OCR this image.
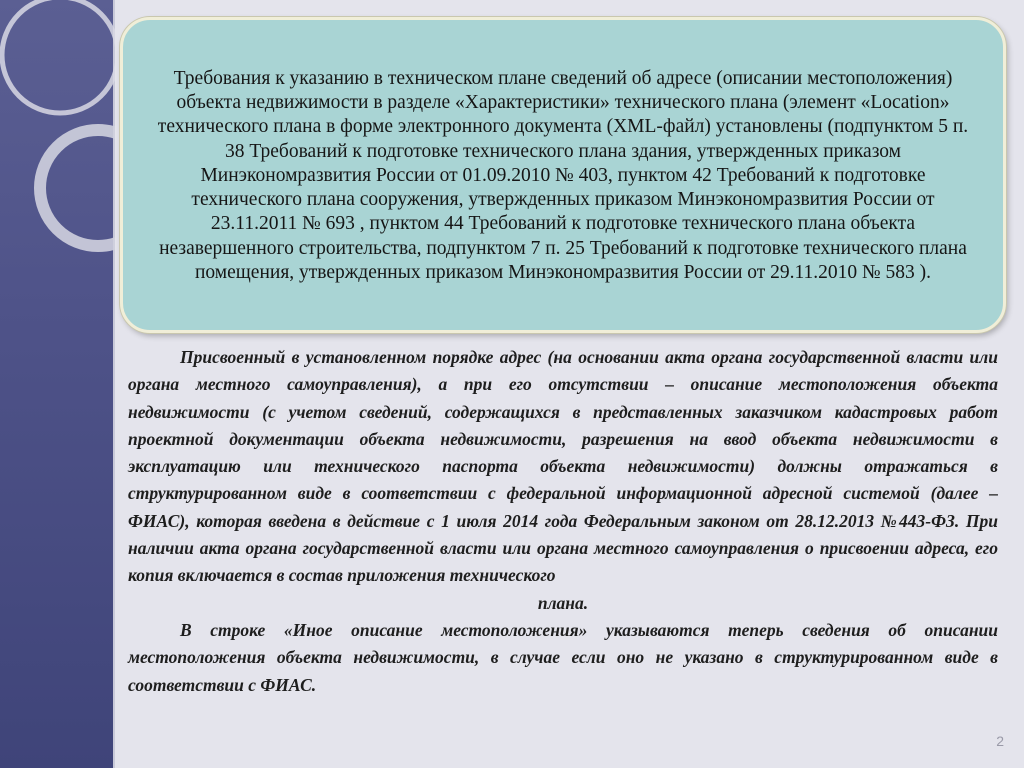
Требования к указанию в техническом плане сведений об адресе (описании местоположения) объекта недвижимости в разделе «Характеристики» технического плана (элемент «Location» технического плана в форме электронного документа (XML-файл) установлены (подпунктом 5 п. 38 Требований к подготовке технического плана здания, утвержденных приказом Минэкономразвития России от 01.09.2010 № 403, пунктом 42 Требований к подготовке технического плана сооружения, утвержденных приказом Минэкономразвития России от 23.11.2011 № 693 , пунктом 44 Требований к подготовке технического плана объекта незавершенного строительства, подпунктом 7 п. 25 Требований к подготовке технического плана помещения, утвержденных приказом Минэкономразвития России от 29.11.2010 № 583 ).

Присвоенный в установленном порядке адрес (на основании акта органа государственной власти или органа местного самоуправления), а при его отсутствии – описание местоположения объекта недвижимости (с учетом сведений, содержащихся в представленных заказчиком кадастровых работ проектной документации объекта недвижимости, разрешения на ввод объекта недвижимости в эксплуатацию или технического паспорта объекта недвижимости) должны отражаться в структурированном виде в соответствии с федеральной информационной адресной системой (далее – ФИАС), которая введена в действие с 1 июля 2014 года Федеральным законом от 28.12.2013 №443-ФЗ. При наличии акта органа государственной власти или органа местного самоуправления о присвоении адреса, его копия включается в состав приложения технического
плана.

В строке «Иное описание местоположения» указываются теперь сведения об описании местоположения объекта недвижимости, в случае если оно не указано в структурированном виде в соответствии с ФИАС.

2
